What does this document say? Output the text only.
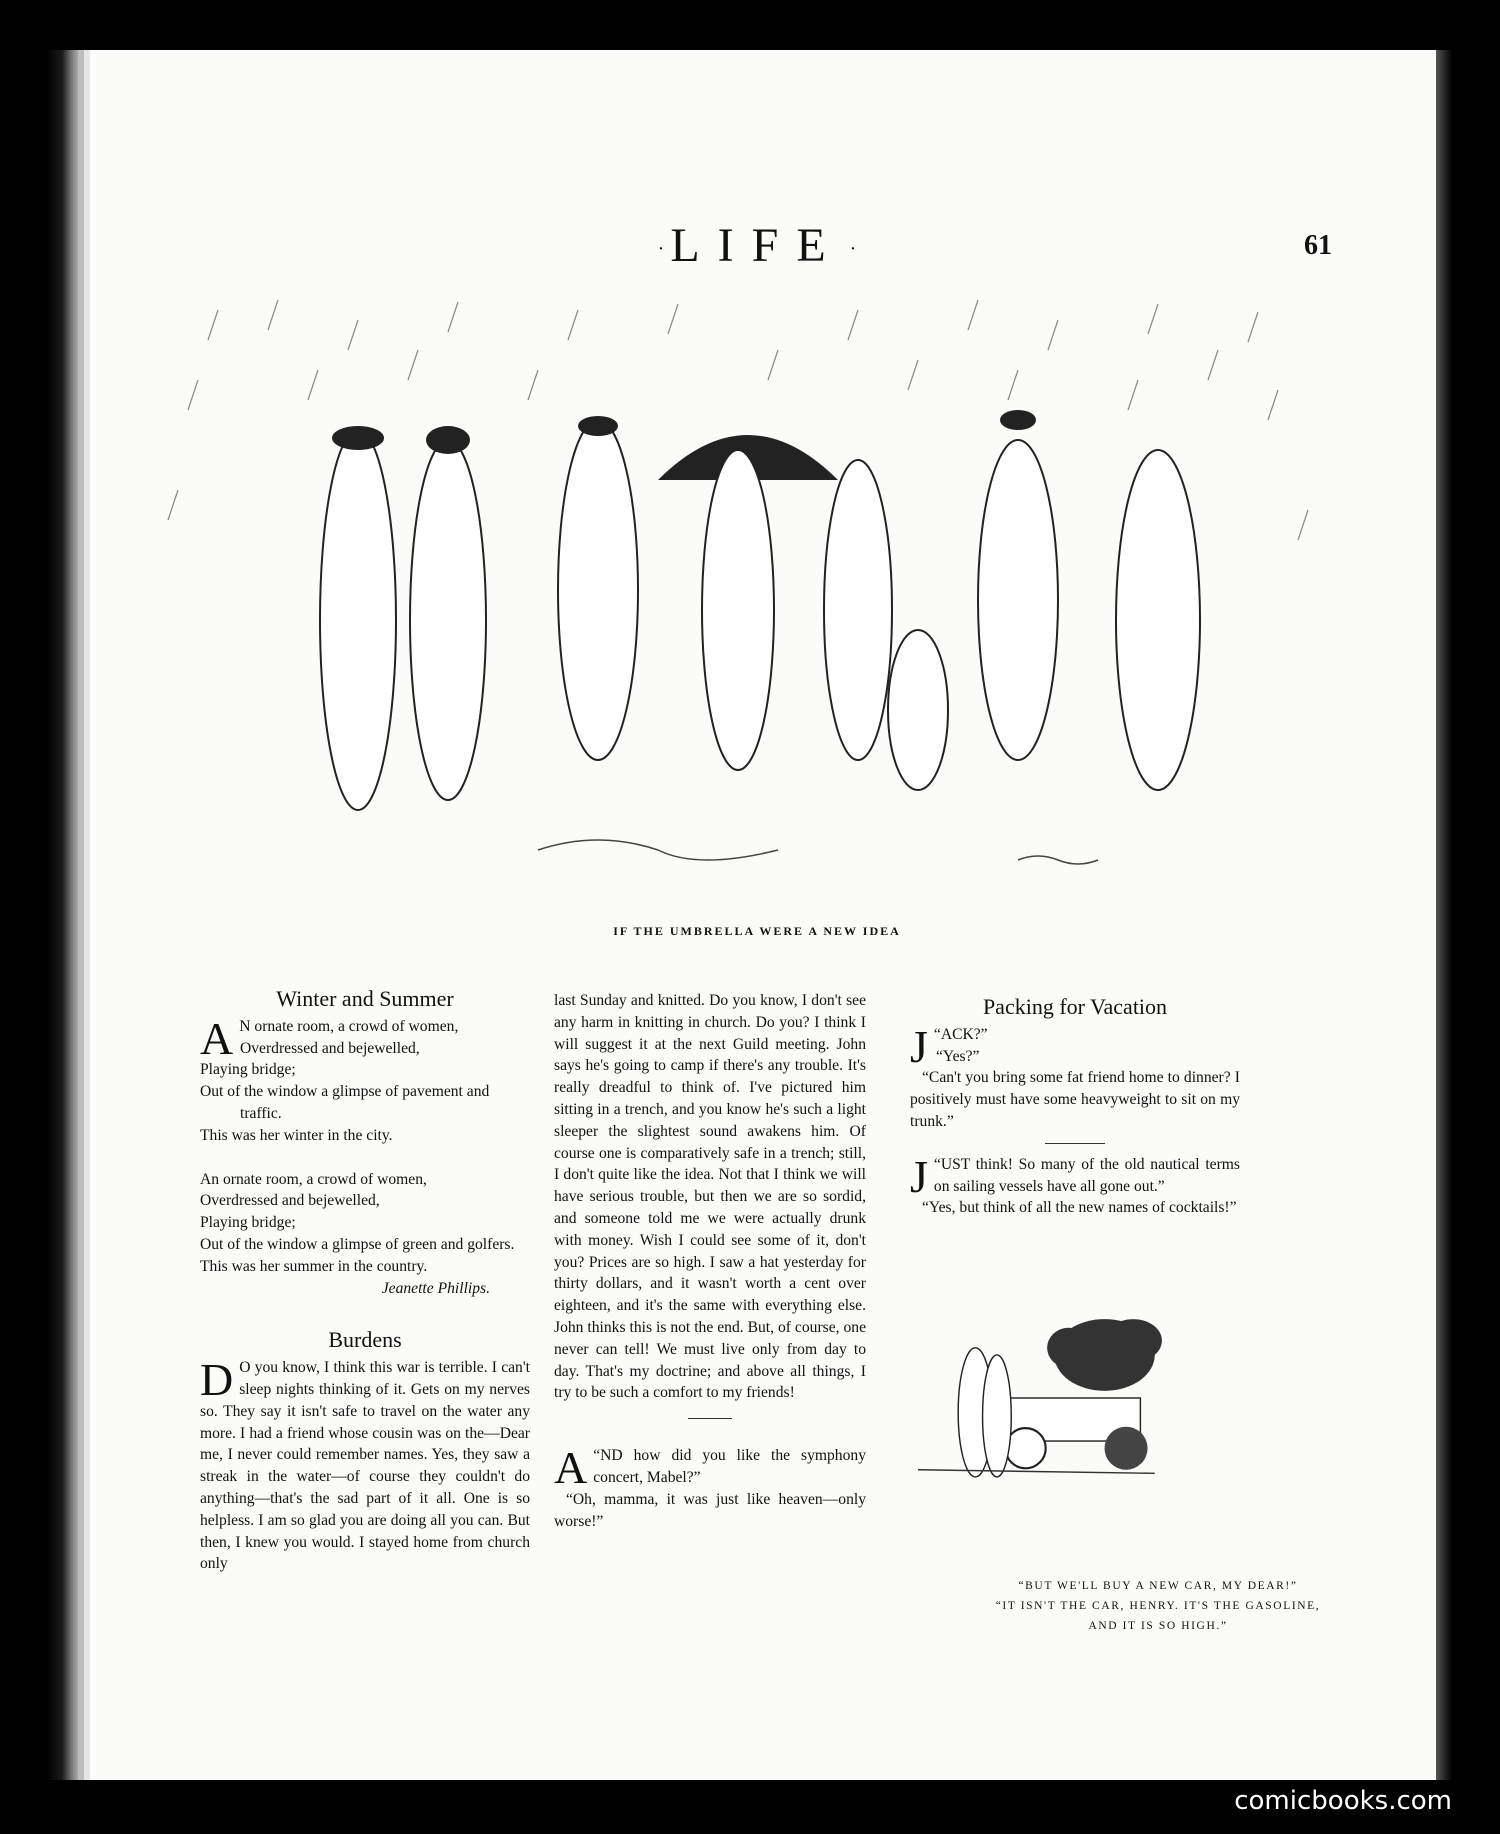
· LIFE ·	61
IF THE UMBRELLA WERE A NEW IDEA
Winter and Summer

A N ornate room, a crowd of women,

Overdressed and bejewelled,

Playing bridge;

Out of the window a glimpse of pavement and traffic.

This was her winter in the city.

An ornate room, a crowd of women,

Overdressed and bejewelled,

Playing bridge;

Out of the window a glimpse of green and golfers.

This was her summer in the country.

Jeanette Phillips.

Burdens

D O you know, I think this war is terrible. I can't sleep nights thinking of it. Gets on my nerves so. They say it isn't safe to travel on the water any more. I had a friend whose cousin was on the—Dear me, I never could remember names. Yes, they saw a streak in the water—of course they couldn't do anything—that's the sad part of it all. One is so helpless. I am so glad you are doing all you can. But then, I knew you would. I stayed home from church only

last Sunday and knitted. Do you know, I don't see any harm in knitting in church. Do you? I think I will suggest it at the next Guild meeting. John says he's going to camp if there's any trouble. It's really dreadful to think of. I've pictured him sitting in a trench, and you know he's such a light sleeper the slightest sound awakens him. Of course one is comparatively safe in a trench; still, I don't quite like the idea. Not that I think we will have serious trouble, but then we are so sordid, and someone told me we were actually drunk with money. Wish I could see some of it, don't you? Prices are so high. I saw a hat yesterday for thirty dollars, and it wasn't worth a cent over eighteen, and it's the same with everything else. John thinks this is not the end. But, of course, one never can tell! We must live only from day to day. That's my doctrine; and above all things, I try to be such a comfort to my friends!

“
A ND how did you like the symphony concert, Mabel?”

“Oh, mamma, it was just like heaven—only worse!”

Packing for Vacation

“
J ACK?”

“Yes?”

“Can't you bring some fat friend home to dinner? I positively must have some heavyweight to sit on my trunk.”

“
J UST think! So many of the old nautical terms on sailing vessels have all gone out.”

“Yes, but think of all the new names of cocktails!”

“BUT WE'LL BUY A NEW CAR, MY DEAR!”
“IT ISN'T THE CAR, HENRY. IT'S THE GASOLINE, AND IT IS SO HIGH.”
comicbooks.com
